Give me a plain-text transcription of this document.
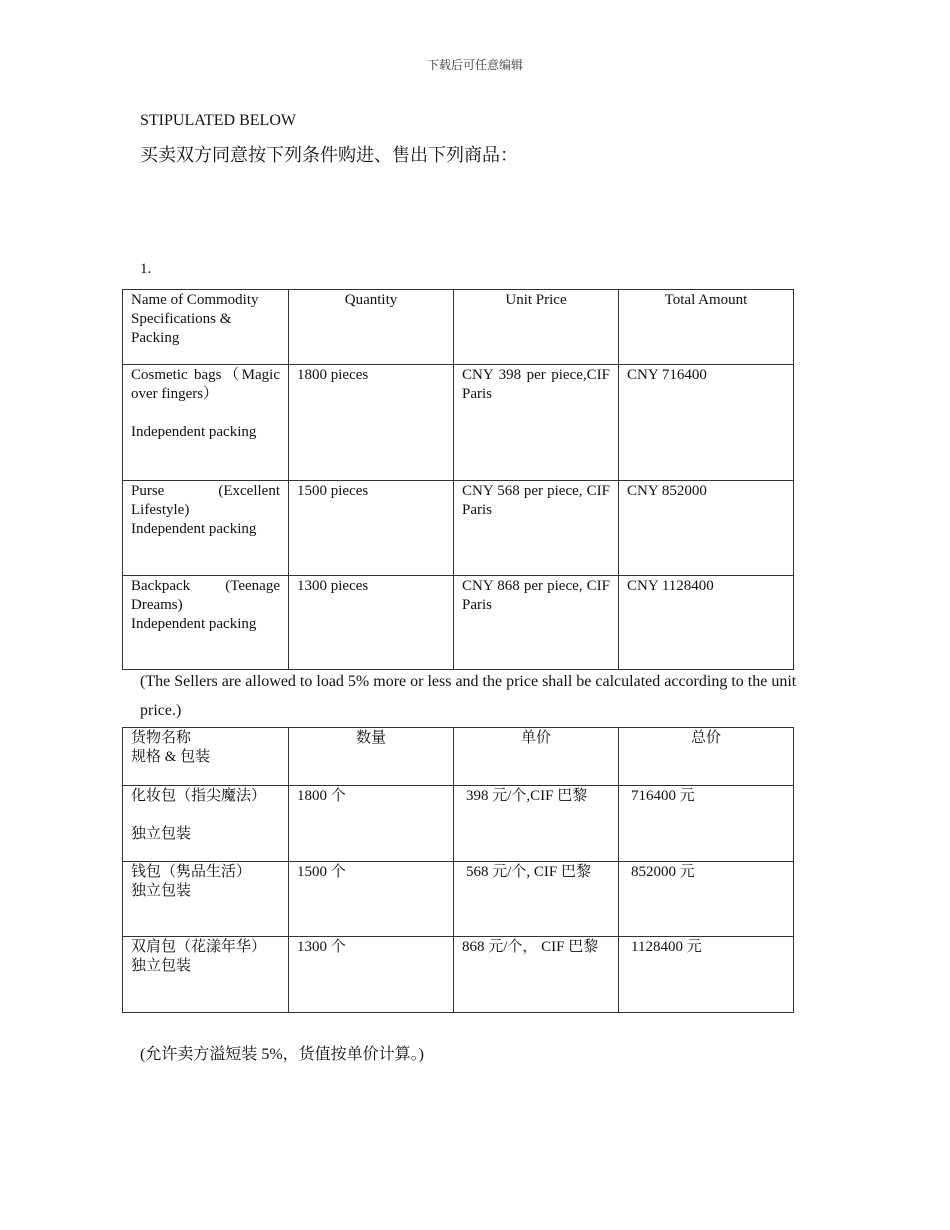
下载后可任意编辑
STIPULATED BELOW
买卖双方同意按下列条件购进、售出下列商品：
1.
Name of Commodity Specifications & Packing	Quantity	Unit Price	Total Amount

Cosmetic bags（Magic over fingers）
Independent packing	1800 pieces	CNY 398 per piece,CIF Paris	CNY 716400

Purse (Excellent Lifestyle)
Independent packing	1500 pieces	CNY 568 per piece, CIF Paris	CNY 852000

Backpack (Teenage Dreams)
Independent packing	1300 pieces	CNY 868 per piece, CIF Paris	CNY 1128400
(The Sellers are allowed to load 5% more or less and the price shall be calculated according to the unit price.)
货物名称
规格 & 包装	数量	单价	总价

化妆包（指尖魔法）
独立包装	1800 个	398 元/个,CIF 巴黎	716400 元

钱包（隽品生活）
独立包装	1500 个	568 元/个, CIF 巴黎	852000 元

双肩包（花漾年华）
独立包装	1300 个	868 元/个， CIF 巴黎	1128400 元
(允许卖方溢短装 5%，货值按单价计算。)
